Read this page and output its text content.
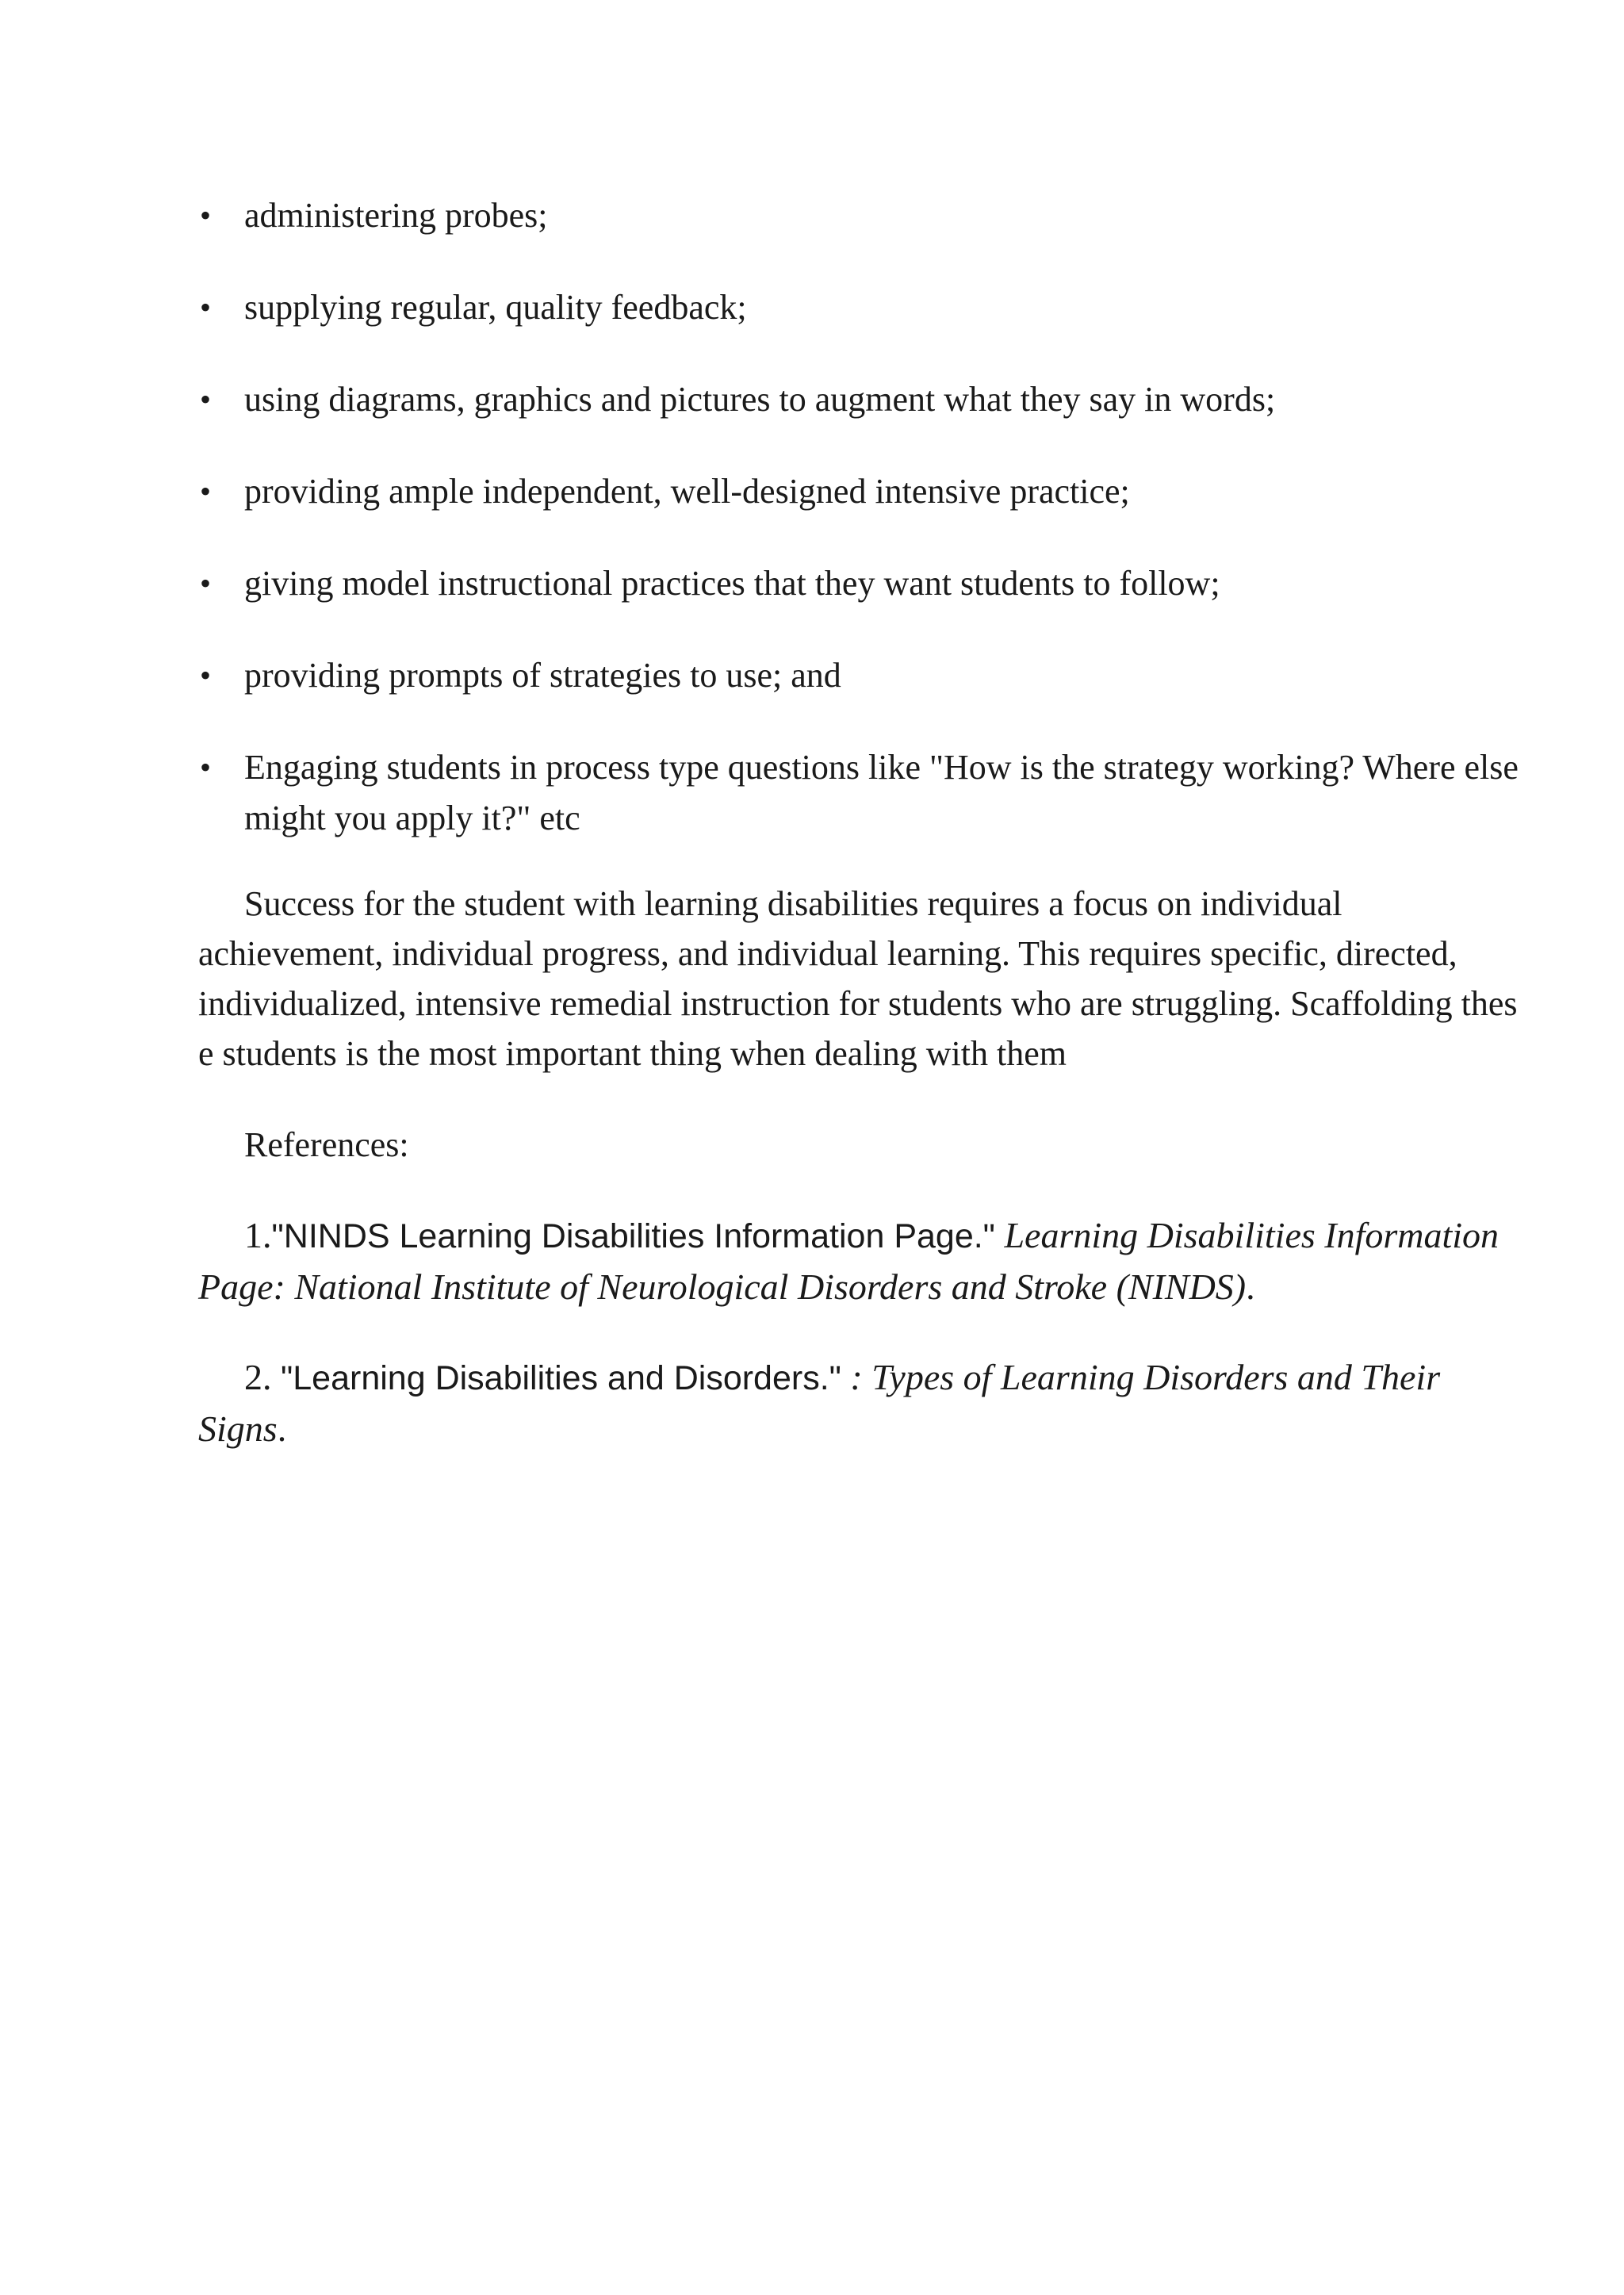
• administering probes;
• supplying regular, quality feedback;
• using diagrams, graphics and pictures to augment what they say in words;
• providing ample independent, well-designed intensive practice;
• giving model instructional practices that they want students to follow;
• providing prompts of strategies to use; and
• Engaging students in process type questions like "How is the strategy working? Where else might you apply it?" etc

Success for the student with learning disabilities requires a focus on individual achievement, individual progress, and individual learning. This requires specific, directed, individualized, intensive remedial instruction for students who are struggling. Scaffolding thes e students is the most important thing when dealing with them

References:

1."NINDS Learning Disabilities Information Page." Learning Disabilities Information Page: National Institute of Neurological Disorders and Stroke (NINDS).

2. "Learning Disabilities and Disorders." : Types of Learning Disorders and Their Signs.
